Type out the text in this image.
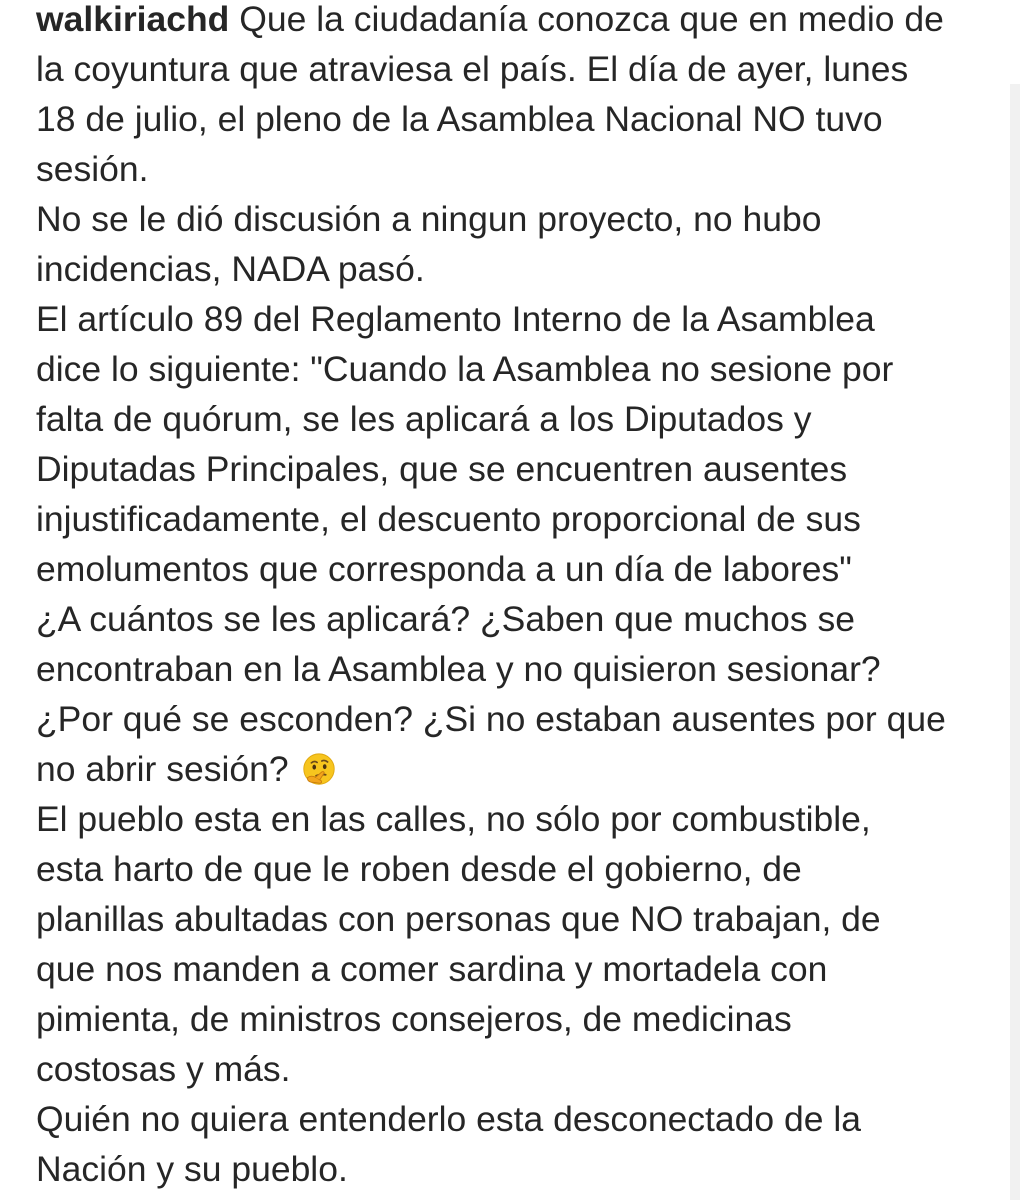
walkiriachd Que la ciudadanía conozca que en medio de
la coyuntura que atraviesa el país. El día de ayer, lunes
18 de julio, el pleno de la Asamblea Nacional NO tuvo
sesión.
No se le dió discusión a ningun proyecto, no hubo
incidencias, NADA pasó.
El artículo 89 del Reglamento Interno de la Asamblea
dice lo siguiente: "Cuando la Asamblea no sesione por
falta de quórum, se les aplicará a los Diputados y
Diputadas Principales, que se encuentren ausentes
injustificadamente, el descuento proporcional de sus
emolumentos que corresponda a un día de labores"
¿A cuántos se les aplicará? ¿Saben que muchos se
encontraban en la Asamblea y no quisieron sesionar?
¿Por qué se esconden? ¿Si no estaban ausentes por que
no abrir sesión?
El pueblo esta en las calles, no sólo por combustible,
esta harto de que le roben desde el gobierno, de
planillas abultadas con personas que NO trabajan, de
que nos manden a comer sardina y mortadela con
pimienta, de ministros consejeros, de medicinas
costosas y más.
Quién no quiera entenderlo esta desconectado de la
Nación y su pueblo.
